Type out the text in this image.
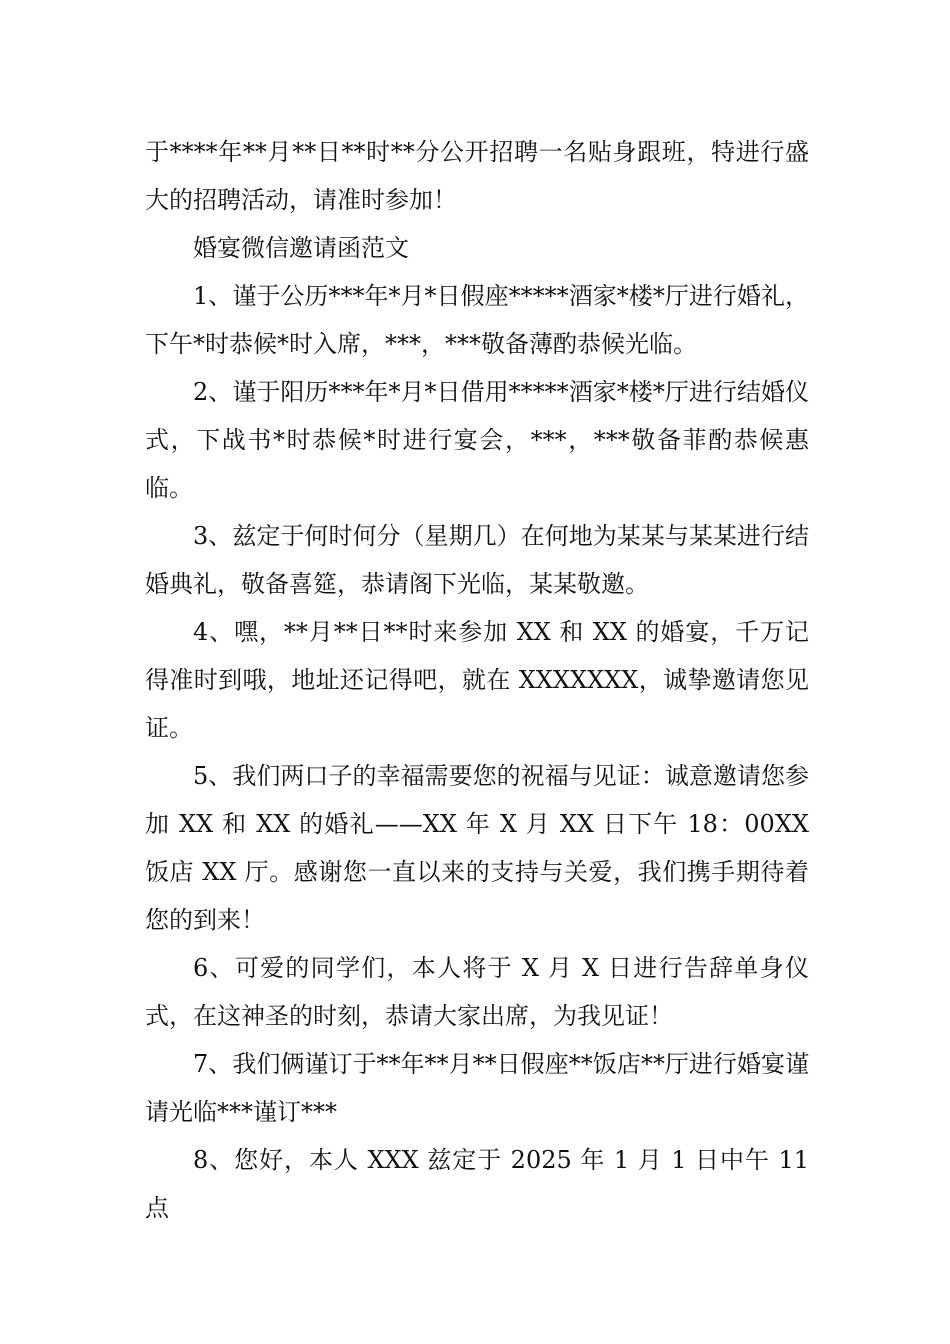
于****年**月**日**时**分公开招聘一名贴身跟班，特进行盛大的招聘活动，请准时参加！

婚宴微信邀请函范文

1、谨于公历***年*月*日假座*****酒家*楼*厅进行婚礼，下午*时恭候*时入席，***，***敬备薄酌恭候光临。

2、谨于阳历***年*月*日借用*****酒家*楼*厅进行结婚仪式，下战书*时恭候*时进行宴会，***，***敬备菲酌恭候惠临。

3、兹定于何时何分（星期几）在何地为某某与某某进行结婚典礼，敬备喜筵，恭请阁下光临，某某敬邀。

4、嘿，**月**日**时来参加 XX 和 XX 的婚宴，千万记得准时到哦，地址还记得吧，就在 XXXXXXX，诚挚邀请您见证。

5、我们两口子的幸福需要您的祝福与见证：诚意邀请您参加 XX 和 XX 的婚礼——XX 年 X 月 XX 日下午 18：00XX 饭店 XX 厅。感谢您一直以来的支持与关爱，我们携手期待着您的到来！

6、可爱的同学们，本人将于 X 月 X 日进行告辞单身仪式，在这神圣的时刻，恭请大家出席，为我见证！

7、我们俩谨订于**年**月**日假座**饭店**厅进行婚宴谨请光临***谨订***

8、您好，本人 XXX 兹定于 2025 年 1 月 1 日中午 11 点
